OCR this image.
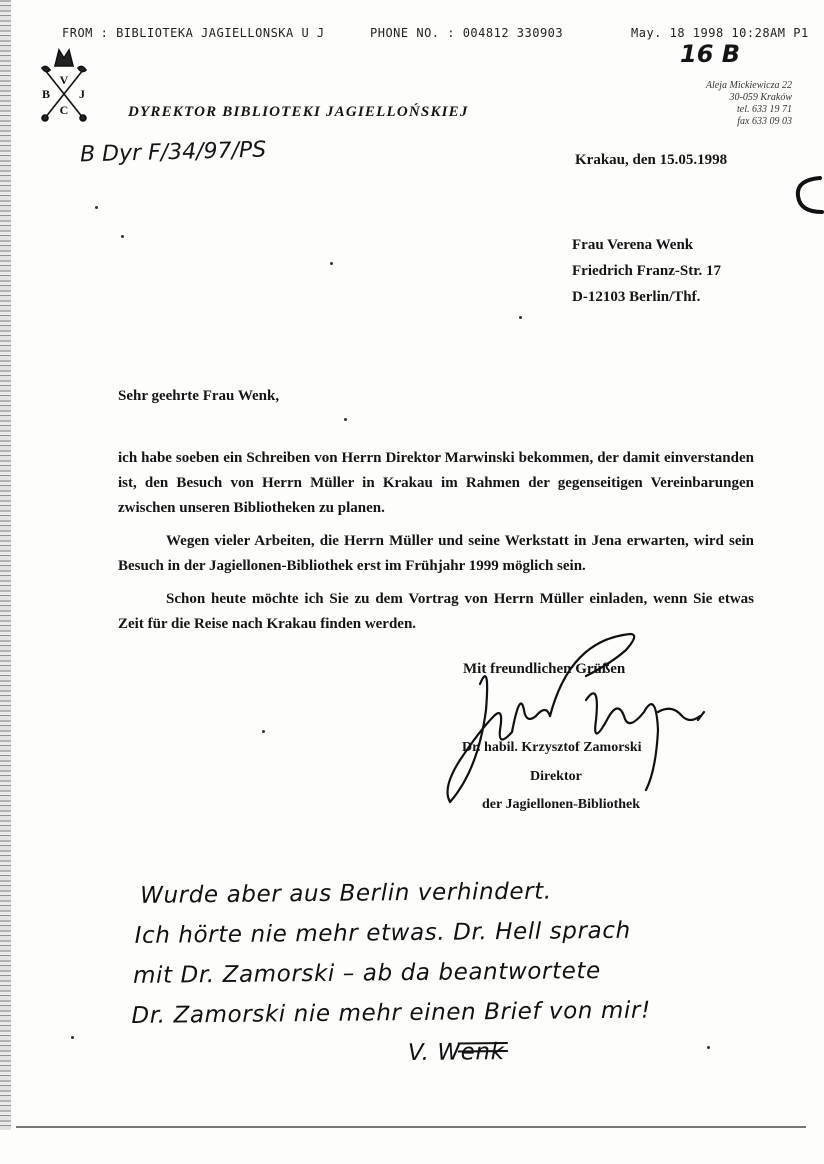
FROM : BIBLIOTEKA JAGIELLONSKA U J	PHONE NO. : 004812 330903	May. 18 1998 10:28AM P1
V
B J
C	DYREKTOR BIBLIOTEKI JAGIELLOŃSKIEJ
16 B
Aleja Mickiewicza 22
30-059 Kraków
tel. 633 19 71
fax 633 09 03
B Dyr F/34/97/PS	Krakau, den 15.05.1998
Frau Verena Wenk
Friedrich Franz-Str. 17
D-12103 Berlin/Thf.
Sehr geehrte Frau Wenk,

ich habe soeben ein Schreiben von Herrn Direktor Marwinski bekommen, der damit einverstanden ist, den Besuch von Herrn Müller in Krakau im Rahmen der gegenseitigen Vereinbarungen zwischen unseren Bibliotheken zu planen.

Wegen vieler Arbeiten, die Herrn Müller und seine Werkstatt in Jena erwarten, wird sein Besuch in der Jagiellonen-Bibliothek erst im Frühjahr 1999 möglich sein.

Schon heute möchte ich Sie zu dem Vortrag von Herrn Müller einladen, wenn Sie etwas Zeit für die Reise nach Krakau finden werden.

Mit freundlichen Grüßen
Dr. habil. Krzysztof Zamorski
Direktor
der Jagiellonen-Bibliothek
Wurde aber aus Berlin verhindert.
Ich hörte nie mehr etwas. Dr. Hell sprach
mit Dr. Zamorski – ab da beantwortete
Dr. Zamorski nie mehr einen Brief von mir!
V. Wenk
